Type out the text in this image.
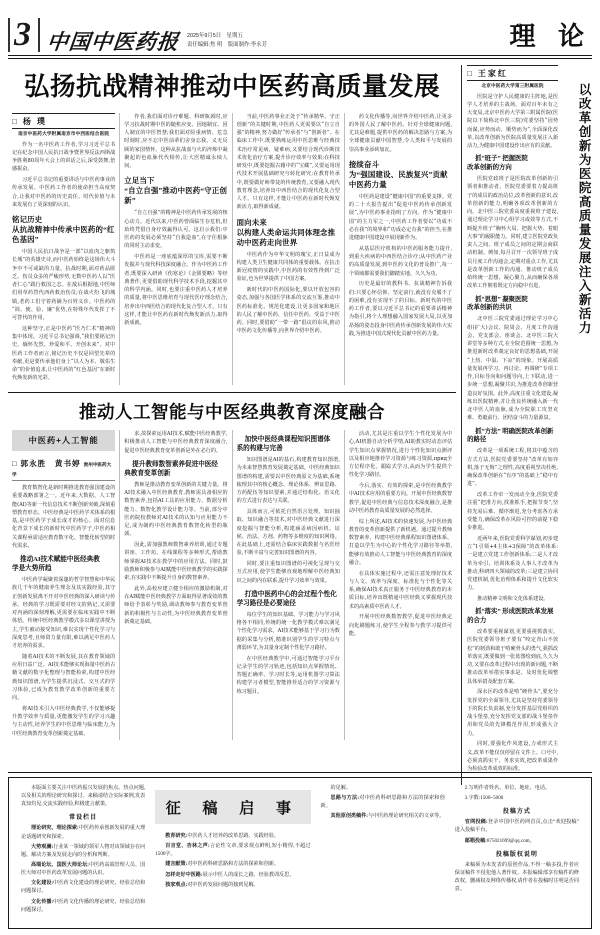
3 中国中医药报 2025年9月5日　星期五
责任编辑:焦 明　版面制作:李永芳	理 论
弘扬抗战精神推动中医药高质量发展
□ 杨 璞
南京中医药大学附属南京市中西医结合医院

作为一名中医药工作者,学习习近平总书记在纪念中国人民抗日战争暨世界反法西斯战争胜利80周年大会上的讲话之后,深受鼓舞,倍感振奋。

习近平总书记的重要讲话与中医药事业的传承发展、中医药工作者的使命担当高度契合,让我对中医药的历史责任、时代价值与未来发展有了更深刻的认识。

铭记历史
从抗战精神中传承中医药的“红色基因”

中国人民抗日战争是一部“以血肉之躯筑长城”的英雄史诗,而中医药始终是这场伟大斗争中不可或缺的力量。抗战时期,面对药品匮乏、伤员众多的严峻形势,无数中医药人以“医者仁心”践行救国之志。在敌后根据地,中医师们用草药替代西药救治伤员;在战火纷飞的城镇,老药工们守着药铺为百姓义诊。中医药的“简、便、验、廉”优势,在特殊年代发挥了不可替代的作用。

这种坚守,正是中医药“医乃仁术”精神的集中体现。习近平总书记强调,“我们要铭记历史、缅怀先烈、珍爱和平、开创未来”。对中医药工作者而言,铭记历史不仅是回望先辈的奉献,更是要传承他们身上“以人为本、敬佑生命”的价值追求,让中医药的“红色基因”在新时代焕发新的光彩。

作者,我们面对诊疗难题、科研瓶颈时,应学习抗战时期中医的随机应变、因地制宜、因人制宜的中医智慧;我们面对险重病情、危急时刻时,应不忘中医前辈们舍身忘我、义无反顾的家国情怀。这种从抗战血与火的淬炼中凝聚起的色血脉代代相传,让大医精诚永续人间。

立足当下
“自立自强”推动中医药“守正创新”

“自立自强”的精神是中医药传承发展的核心动力。近代以来,中医药曾面临生存危机,但始终凭借自身疗效赢得认可。这启示我们:中医药的发展必须坚持“自我造血”,在守住根脉的同时主动求变。

中医药是一座底蕴深厚的宝库,需要不断发掘并与现代科技深度融合。作为中医药工作者,既要深入研读《伤寒论》《金匮要略》等经典著作,更要借助现代科学技术手段,挖掘其中的科学内涵。同时,也要注重中医药人才培养的质量,将中医思维培育与现代医疗理念结合,培养出中西医结合的现代化复合型人才。只有这样,才能让中医药在新时代焕发新活力,取得新成就。

当前,中医药事业正处于“传承精华、守正创新”的关键时期,中医药人更需要以“自立自强”的精神,努力做好“传承者”与“创新者”。在临床工作中,既要熟练运用中医思维与经典技术治疗常见病、疑难病,又要结合现代诊断技术优化治疗方案,提升诊疗效率与效果;在科技研发中,既要挖掘古籍中的“宝藏”,又要运用现代技术开展基础研究与转化研究;在教育传承中,既要做好师带徒的传统教育,又要融入现代教育理念,培养出中西医结合的现代化复合型人才。只有这样,才能让中医药在新时代焕发新活力,取得新成就。

面向未来
以构建人类命运共同体理念推动中医药走向世界

中医药作为中华文明的瑰宝,正日益成为构建人类卫生健康共同体的重要载体。在抗击新冠疫情的实践中,中医药的有效性得到广泛验证,也为世界提供了中国方案。

新时代的中医药国际化,要以开放包容的姿态,加强与各国医学体系的交流互鉴,推动中医药标准化、规范化建设,让更多国家和地区的人民了解中医药、信任中医药、受益于中医药。同时,要借助“一带一路”倡议的东风,推动中医药文化传播等,向世界介绍中医药。

药文化传播等,向世界介绍中医药,让更多的外国人民了解中医药。针对全球健康问题,尤其是难题,提供中医药的解决思路与方案,为全球健康贡献中国智慧,令人类和平与发展的崇高事业添砖加瓦。

接续奋斗
为“强国建设、民族复兴”贡献中医药力量

中医药是建设“健康中国”的重要支撑。党的二十大报告提出“促进中医药传承创新发展”,为中医药事业指明了方向。作为“健康中国”的主力军之一,中医药工作者要以“功成不必在我”的境界和“功成必定有我”的担当,在推进健康中国建设中展现新作为。

从基层医疗机构的中医药服务能力提升,到重大疾病的中西医结合诊疗;从中医药产业的高质量发展,到中医药文化的普及推广,每一个领域都需要我们脚踏实地、久久为功。

历史是最好的教科书。抗战精神告诉我们:只要心怀信仰、坚定前行,就没有克服不了的困难,没有实现不了的目标。新时代的中医药工作者,要以习近平总书记的重要讲话精神为指引,将个人理想融入国家发展大局,以更加昂扬的姿态投身中医药传承创新发展的伟大实践,为推进中国式现代化贡献中医药力量。

推动人工智能与中医经典教育深度融合
中医药+人工智能
□ 郭永胜　黄书婷 贵州中医药大学

教育数智化是新时期推进教育强国建设的重要战略部署之一。近年来,大数据、人工智能(AI)等新一代信息技术不断创新突破,深刻重塑教育形态。中医经典是中医药学术体系的根基,是中医药学子成长成才的核心。面对信息化背景下成长的新时代中医药学子,中医药相关课程亟需适应教育数字化、智能化转型的时代需求。

推动AI技术赋能中医经典教
学是大势所趋

中医药学凝聚着深邃的哲学智慧和中华民族几千年的健康养生理念及其实践经验,其守正创新发展离不开对中医经典的深入研读与传承。经典的学习既需要对经文的熟记,又需要对内涵的深刻理解,更需要在临床实践中不断体悟。传统中医经典教学模式多以课堂讲授为主,学生被动接受知识,难以实现个性化学习与深度思考,且师资力量有限,难以满足中医药人才培养的需求。

随着AI技术的不断发展,其在教育领域的应用日益广泛。AI技术能够实现海量中医药古籍文献的数字化整理与智能检索,构建中医经典知识图谱,为学生提供沉浸式、交互式的学习体验,已成为教育教学改革创新的重要方向。

将AI技术引入中医经典教学,不仅能够提升教学效率与质量,更能激发学生的学习兴趣与主动性,培养学生的中医思维与临床能力,为中医经典教育变革创新奠定基础。

求,故探索运用AI技术,赋能中医经典教学,积极推动人工智能与中医经典教育深度融合,促进中医经典教育变革创新是外在必行的。

提升教师数智素养促进中医经
典教育变革创新

教师是推动教育变革创新的关键力量。将AI技术融入中医经典教育,教师需具备相应的数智素养,包括AI工具的应用能力、数据分析能力、数智化教学设计能力等。当前,部分中医药院校教师对AI技术的认知与应用能力不足,成为制约中医经典教育数智化转型的瓶颈。

因此,需加强教师数智素养培训,通过专题讲座、工作坊、在线课程等多种形式,帮助教师掌握AI技术在教学中的应用方法。同时,鼓励教师积极参与AI赋能中医经典教学的实践探索,在实践中不断提升自身的数智素养。

此外,高校应建立健全相应的激励机制,对在AI赋能中医经典教学方面取得显著成效的教师给予表彰与奖励,调动教师参与教育变革创新的积极性与主动性,为中医经典教育变革创新奠定基础。

加快中医经典课程知识图谱体
系的构建与完善

知识图谱是AI的基石,构建教育知识图谱,为未来智慧教育发展奠定基础。中医经典知识图谱的构建,需要以中医经典原文为基础,系统梳理其中的核心概念、理论体系、辨证思路、方药配伍等知识要素,并通过结构化、语义化的方式进行表达与关联。

具体而言,可依托自然语言处理、知识抽取、知识融合等技术,对中医经典文献进行深度挖掘与智能分析,构建涵盖病因病机、证候、治法、方剂、药物等多维度的知识网络。在此基础上,还需结合临床实践数据与名医经验,不断丰富与完善知识图谱的内容。

同时,要注重知识图谱的可视化呈现与交互式应用,使学生能够直观地理解中医经典知识之间的内在联系,提升学习效率与效果。

打造中医药中心的会过程个性化
学习路径是必要途径

每位学生的知识基础、学习能力与学习风格各不相同,传统的统一化教学模式难以满足个性化学习需求。AI技术能够基于学习行为数据的采集与分析,精准识别学生的学习特点与薄弱环节,为其量身定制个性化学习路径。

在中医经典教学中,可通过智能学习平台记录学生的学习轨迹,包括知识点掌握情况、答题正确率、学习时长等,运用机器学习算法构建学习者模型,智能推荐适合的学习资源与练习题目。

活动,尤其是注重以学生个性化发展为中心,AI机器自动分析学情,AI助教实时动态评估学生知识点掌握情况,进行个性化知识点测评以及相应地推荐学习资源与练习资源,прид全方位程序化、跟踪式学习,从而为学生提供个性化学习路径。

今后,落实、有效的探索,是中医经典教学中AI技术应用的重要方向。开展中医经典数智教学,促进中医经典与信息技术深度融合,是推动中医药教育高质量发展的必然选择。

综上所述,AI技术的快速发展,为中医经典教育的变革创新提供了新机遇。通过提升教师数智素养、构建中医经典课程知识图谱体系、打造以学生为中心的个性化学习路径等举措,能够有效推动人工智能与中医经典教育的深度融合。

在具体实施过程中,还需注意处理好技术与人文、效率与深度、标准化与个性化等关系,确保AI技术真正服务于中医经典教育的本质目标,培养出既精通中医经典又掌握现代技术的高素质中医药人才。

开展中医经典数智教学,促进中医经典定向化刷题练习,使学生全程参与教学习提供可能。

□ 王家红
北京中医药大学第三附属医院

医院是守护人民健康的主阵地,是医学人才培养的主战场。面对百年未有之大变局,北京中医药大学第三附属医院(医院以下简称北中医三院)党委坚持“因势而谋,应势而动、顺势而为”,全面深化改革,以改革创新为医院高质量发展注入新活力,为健康中国建设作出应有的贡献。

抓“班子” 把握医院
改革创新的方向

医院党政班子是医院改革创新的引领者和推动者。医院党委要着力提高班子的成员的政治站位,改革创新的意识,改革创新的能力,明确各项改革创新的方向。北中医三院党委高度重视班子建设,通过理论学习中心组学习或效等方式,不断提升班子“胸怀大局、把握大势、着眼大事”的履职能力。同时,建立医院党政负责人之间、班子成员之间的定期会商联动机制。例如,每月召开一次领导班子成员月度工作沟通会,定期对重点工作,尤其是改革创新工作的沟通、推动班子成员始终统一思想、凝心聚力,从而确保各项改革工作朝着既定方向稳中有进。

抓“思想” 凝聚医院
改革创新的共识

北中医三院党委通过理论学习中心组(扩大)会议、院周会、月度工作沟通会、党支部会、座谈会、北中医三院大讲堂等多种方式,在全院范围统一思想,为推进新时改革奠定良好的思想基础,开展“上热、中温、下凉”的现象。开展高质量发展再学习、再讨论、再调研”专项工作,目标导向和问题导向,上下联动,进一步统一思想,凝聚共识,为推进改革创新营造良好氛围。此外,高度注重文化建设,凝练出医院精神,并让优良传统融入新一代北中医人的血脉,成为全院职工攻坚克难、勇毅前行、团结奋斗的力量源泉。

抓“方法” 明确医院改革创新的路径

改革是一项系统工程,将其中蕴含的方式方法,医院党委要坚持“改革有如弈棋,落子无悔”之理性,高度重视坚决杜绝,确保改革创新在“有序”的基础上“稳中有进”。

改革工作牵一发而动全身,医院党委注重“把准方向,找准抓手,把握节奏”,坚持先易后难、循序渐进,充分考虑各方承受能力,确保改革在风险可控的前提下稳步推进。

近两年来,医院党委科学谋划,初步建立“1引领+4主体+3保障”的改革体系:一是建立党建工作创新体系;二是人才改革为牵引、培训体系及人事人才改革为推动,科研四大领域的改革;三是建立协同党建机制,优化治理体系和提升文化软实力。

推动精神文明和文化体系建设。

抓“落实” 形成医院改革发展的合力

改革要重视谋划,更要重视抓落实。医院党委领导班子要有“咬定青山不放松”的韧劲和敢于啃硬骨头的勇气,狠抓改革落实,既要做到一张蓝图绘到底,久久为功,又要在改革过程中出现的新问题,不断推动改革举措实事求是、及时优化调整具体举措及配套方案。

深水区的改革是啃“硬骨头”,要充分发挥党的全面领导,尤其是坚持党委领导下的院长负责制,充分发挥基层党组织的战斗堡垒,充分发挥党支部的战斗堡垒作用和党员的先锋模范作用,形成强大合力。

同时,要强化作风建设,力戒形式主义,改革不能仅仅停留在文件上、口号中,必须真抓实干、务求实效,把改革成果作为检验改革成效的标准。

以改革创新为医院高质量发展注入新活力

本版面主要关注中医药振兴发展的焦点、热点问题,以及相关的理论研究和探讨。来稿请结合实际案例,发表真知灼见,交流实践经验,积极建言献策。

常设栏目

理论研究、理论探索:中医药传承创新发展的重大理论话题研究和探索。

大势观澜:行业某一领域的领军人物对该领域存在问题、解决方案及发展走向的分析和判断。

高端论坛、国医大师论坛:中医药高端管理人员、国医大师对中医药改革发展问题的认识。

文化建设:中医药文化建设的理论研究、经验总结和问题探讨。

文化传播:中医药文化传播的理论研究、经验总结和问题探讨。

征 稿 启 事

教育研究:中医药人才培养的改革思路、实践经验。

百言堂、杏林之声:言论性文章,要求观点鲜明,短小精悍,不超过1500字。

建言献策:对中医药科研思路和方法的探索和创新。

怎样走好中医路:展示中医人的成长之路、经验教训反思。

独家观点:对中医药发展问题的独到见解。

的见解。

思路与方法:对中医药科研思路和方法的探索和创新。

其他原创类稿件:与中医药理论研究相关的文章等。

2.写明作者姓名、单位、地址、电话。

3.字数:1500~5000

投稿方式

官网投稿:登录中国中医药网首页,点击“欢迎投稿”进入投稿平台。

邮箱投稿:875021699@qq.com。

投稿版权说明

来稿须为未发表的原创作品,不得一稿多投,作者应保证稿件不侵犯他人著作权。本报编辑部享有稿件的修改权、删减权及网络传播权,请作者在投稿时注明是否同意。
